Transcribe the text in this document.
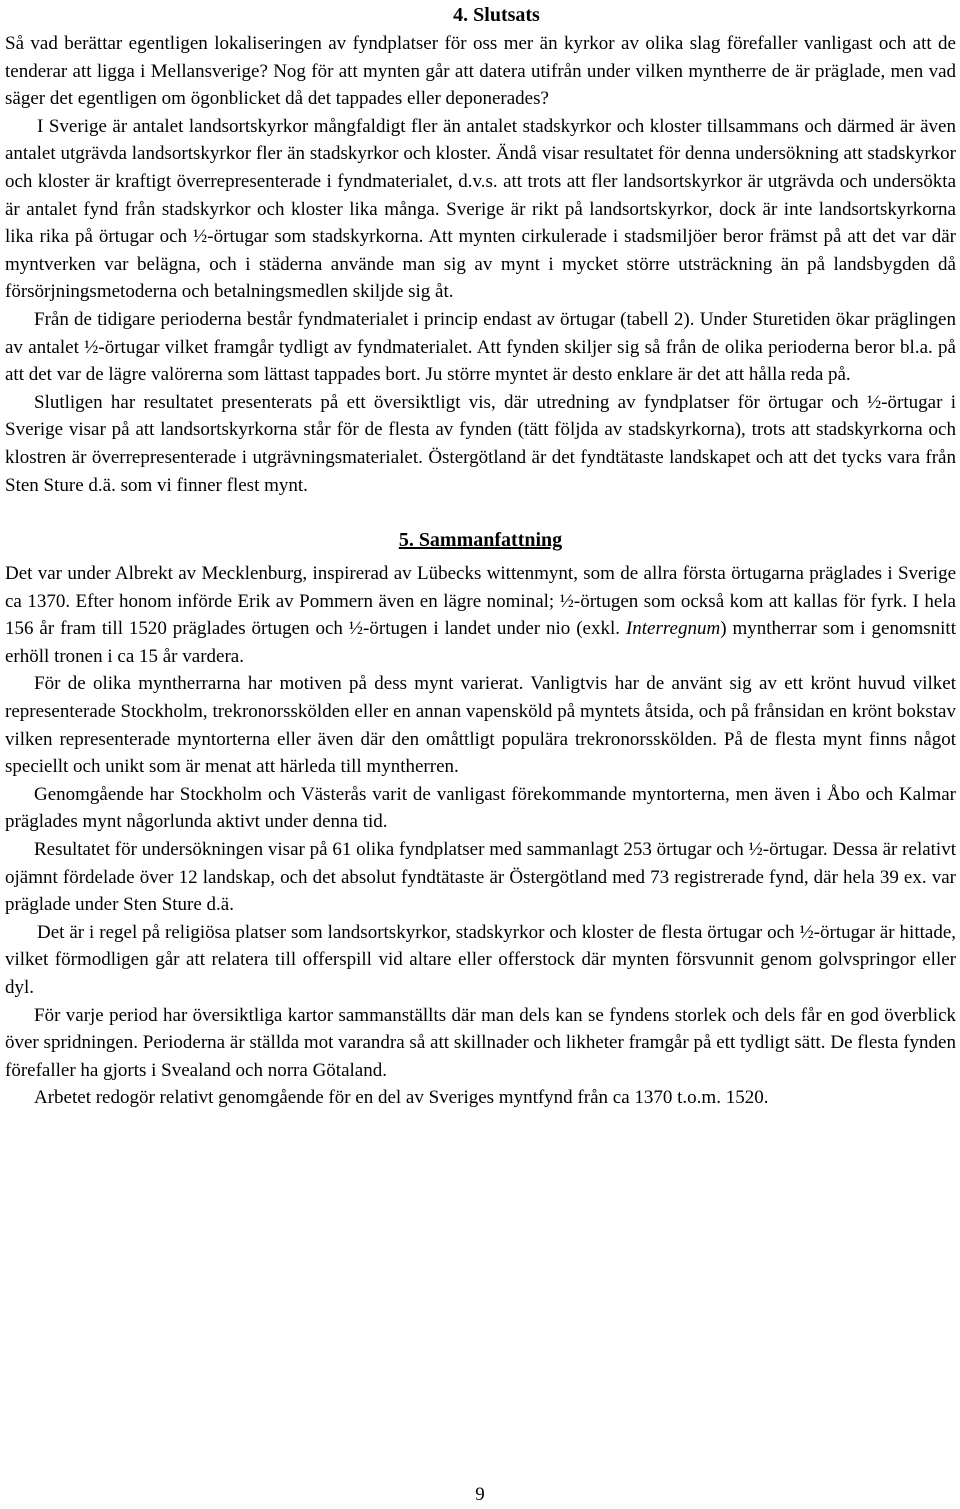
4. Slutsats

Så vad berättar egentligen lokaliseringen av fyndplatser för oss mer än kyrkor av olika slag förefaller vanligast och att de tenderar att ligga i Mellansverige? Nog för att mynten går att datera utifrån under vilken myntherre de är präglade, men vad säger det egentligen om ögonblicket då det tappades eller deponerades?

I Sverige är antalet landsortskyrkor mångfaldigt fler än antalet stadskyrkor och kloster tillsammans och därmed är även antalet utgrävda landsortskyrkor fler än stadskyrkor och kloster. Ändå visar resultatet för denna undersökning att stadskyrkor och kloster är kraftigt överrepresenterade i fyndmaterialet, d.v.s. att trots att fler landsortskyrkor är utgrävda och undersökta är antalet fynd från stadskyrkor och kloster lika många. Sverige är rikt på landsortskyrkor, dock är inte landsortskyrkorna lika rika på örtugar och ½-örtugar som stadskyrkorna. Att mynten cirkulerade i stadsmiljöer beror främst på att det var där myntverken var belägna, och i städerna använde man sig av mynt i mycket större utsträckning än på landsbygden då försörjningsmetoderna och betalningsmedlen skiljde sig åt.

Från de tidigare perioderna består fyndmaterialet i princip endast av örtugar (tabell 2). Under Sturetiden ökar präglingen av antalet ½-örtugar vilket framgår tydligt av fyndmaterialet. Att fynden skiljer sig så från de olika perioderna beror bl.a. på att det var de lägre valörerna som lättast tappades bort. Ju större myntet är desto enklare är det att hålla reda på.

Slutligen har resultatet presenterats på ett översiktligt vis, där utredning av fyndplatser för örtugar och ½-örtugar i Sverige visar på att landsortskyrkorna står för de flesta av fynden (tätt följda av stadskyrkorna), trots att stadskyrkorna och klostren är överrepresenterade i utgrävningsmaterialet. Östergötland är det fyndtätaste landskapet och att det tycks vara från Sten Sture d.ä. som vi finner flest mynt.

5. Sammanfattning

Det var under Albrekt av Mecklenburg, inspirerad av Lübecks wittenmynt, som de allra första örtugarna präglades i Sverige ca 1370. Efter honom införde Erik av Pommern även en lägre nominal; ½-örtugen som också kom att kallas för fyrk. I hela 156 år fram till 1520 präglades örtugen och ½-örtugen i landet under nio (exkl. Interregnum) myntherrar som i genomsnitt erhöll tronen i ca 15 år vardera.

För de olika myntherrarna har motiven på dess mynt varierat. Vanligtvis har de använt sig av ett krönt huvud vilket representerade Stockholm, trekronorsskölden eller en annan vapensköld på myntets åtsida, och på frånsidan en krönt bokstav vilken representerade myntorterna eller även där den omåttligt populära trekronorsskölden. På de flesta mynt finns något speciellt och unikt som är menat att härleda till myntherren.

Genomgående har Stockholm och Västerås varit de vanligast förekommande myntorterna, men även i Åbo och Kalmar präglades mynt någorlunda aktivt under denna tid.

Resultatet för undersökningen visar på 61 olika fyndplatser med sammanlagt 253 örtugar och ½-örtugar. Dessa är relativt ojämnt fördelade över 12 landskap, och det absolut fyndtätaste är Östergötland med 73 registrerade fynd, där hela 39 ex. var präglade under Sten Sture d.ä.

Det är i regel på religiösa platser som landsortskyrkor, stadskyrkor och kloster de flesta örtugar och ½-örtugar är hittade, vilket förmodligen går att relatera till offerspill vid altare eller offerstock där mynten försvunnit genom golvspringor eller dyl.

För varje period har översiktliga kartor sammanställts där man dels kan se fyndens storlek och dels får en god överblick över spridningen. Perioderna är ställda mot varandra så att skillnader och likheter framgår på ett tydligt sätt. De flesta fynden förefaller ha gjorts i Svealand och norra Götaland.

Arbetet redogör relativt genomgående för en del av Sveriges myntfynd från ca 1370 t.o.m. 1520.

9
